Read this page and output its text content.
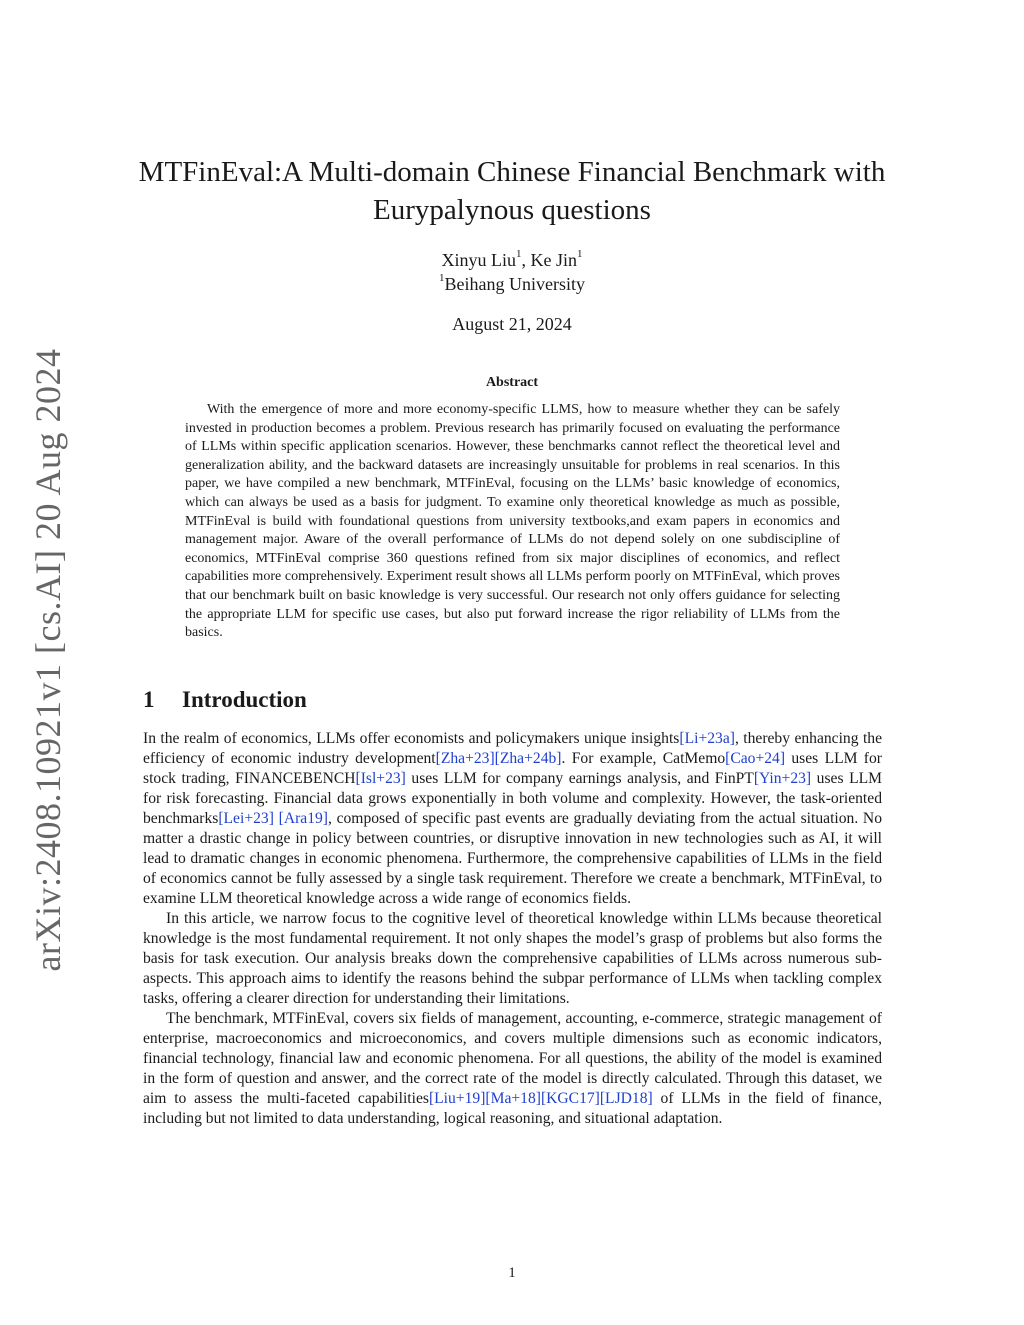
arXiv:2408.10921v1 [cs.AI] 20 Aug 2024
MTFinEval:A Multi-domain Chinese Financial Benchmark with Eurypalynous questions
Xinyu Liu$^1$, Ke Jin$^1$
$^1$Beihang University
August 21, 2024
Abstract

With the emergence of more and more economy-specific LLMS, how to measure whether they can be safely invested in production becomes a problem. Previous research has primarily focused on evaluating the performance of LLMs within specific application scenarios. However, these benchmarks cannot reflect the theoretical level and generalization ability, and the backward datasets are increasingly unsuitable for problems in real scenarios. In this paper, we have compiled a new benchmark, MTFinEval, focusing on the LLMs’ basic knowledge of economics, which can always be used as a basis for judgment. To examine only theoretical knowledge as much as possible, MTFinEval is build with foundational questions from university textbooks,and exam papers in economics and management major. Aware of the overall performance of LLMs do not depend solely on one subdiscipline of economics, MTFinEval comprise 360 questions refined from six major disciplines of economics, and reflect capabilities more comprehensively. Experiment result shows all LLMs perform poorly on MTFinEval, which proves that our benchmark built on basic knowledge is very successful. Our research not only offers guidance for selecting the appropriate LLM for specific use cases, but also put forward increase the rigor reliability of LLMs from the basics.

1 Introduction

In the realm of economics, LLMs offer economists and policymakers unique insights[Li+23a], thereby enhancing the efficiency of economic industry development[Zha+23][Zha+24b]. For example, CatMemo[Cao+24] uses LLM for stock trading, FINANCEBENCH[Isl+23] uses LLM for company earnings analysis, and FinPT[Yin+23] uses LLM for risk forecasting. Financial data grows exponentially in both volume and complexity. However, the task-oriented benchmarks[Lei+23] [Ara19], composed of specific past events are gradually deviating from the actual situation. No matter a drastic change in policy between countries, or disruptive innovation in new technologies such as AI, it will lead to dramatic changes in economic phenomena. Furthermore, the comprehensive capabilities of LLMs in the field of economics cannot be fully assessed by a single task requirement. Therefore we create a benchmark, MTFinEval, to examine LLM theoretical knowledge across a wide range of economics fields.

In this article, we narrow focus to the cognitive level of theoretical knowledge within LLMs because theoretical knowledge is the most fundamental requirement. It not only shapes the model’s grasp of problems but also forms the basis for task execution. Our analysis breaks down the comprehensive capabilities of LLMs across numerous sub-aspects. This approach aims to identify the reasons behind the subpar performance of LLMs when tackling complex tasks, offering a clearer direction for understanding their limitations.

The benchmark, MTFinEval, covers six fields of management, accounting, e-commerce, strategic management of enterprise, macroeconomics and microeconomics, and covers multiple dimensions such as economic indicators, financial technology, financial law and economic phenomena. For all questions, the ability of the model is examined in the form of question and answer, and the correct rate of the model is directly calculated. Through this dataset, we aim to assess the multi-faceted capabilities[Liu+19][Ma+18][KGC17][LJD18] of LLMs in the field of finance, including but not limited to data understanding, logical reasoning, and situational adaptation.

1
